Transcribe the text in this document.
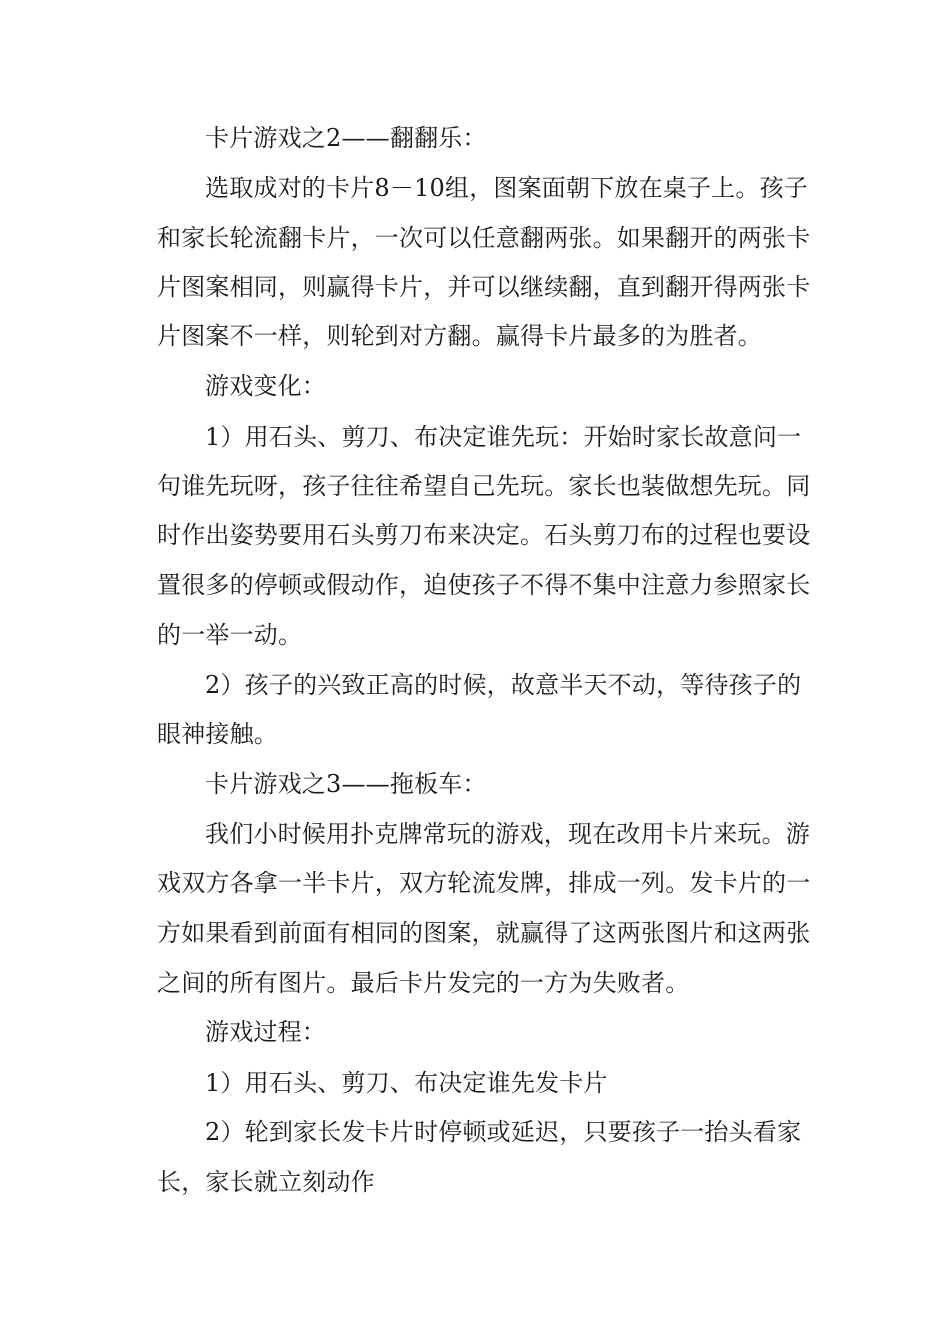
卡片游戏之2——翻翻乐：
选取成对的卡片8－10组，图案面朝下放在桌子上。孩子
和家长轮流翻卡片，一次可以任意翻两张。如果翻开的两张卡
片图案相同，则赢得卡片，并可以继续翻，直到翻开得两张卡
片图案不一样，则轮到对方翻。赢得卡片最多的为胜者。
游戏变化：
1）用石头、剪刀、布决定谁先玩：开始时家长故意问一
句谁先玩呀，孩子往往希望自己先玩。家长也装做想先玩。同
时作出姿势要用石头剪刀布来决定。石头剪刀布的过程也要设
置很多的停顿或假动作，迫使孩子不得不集中注意力参照家长
的一举一动。
2）孩子的兴致正高的时候，故意半天不动，等待孩子的
眼神接触。
卡片游戏之3——拖板车：
我们小时候用扑克牌常玩的游戏，现在改用卡片来玩。游
戏双方各拿一半卡片，双方轮流发牌，排成一列。发卡片的一
方如果看到前面有相同的图案，就赢得了这两张图片和这两张
之间的所有图片。最后卡片发完的一方为失败者。
游戏过程：
1）用石头、剪刀、布决定谁先发卡片
2）轮到家长发卡片时停顿或延迟，只要孩子一抬头看家
长，家长就立刻动作
